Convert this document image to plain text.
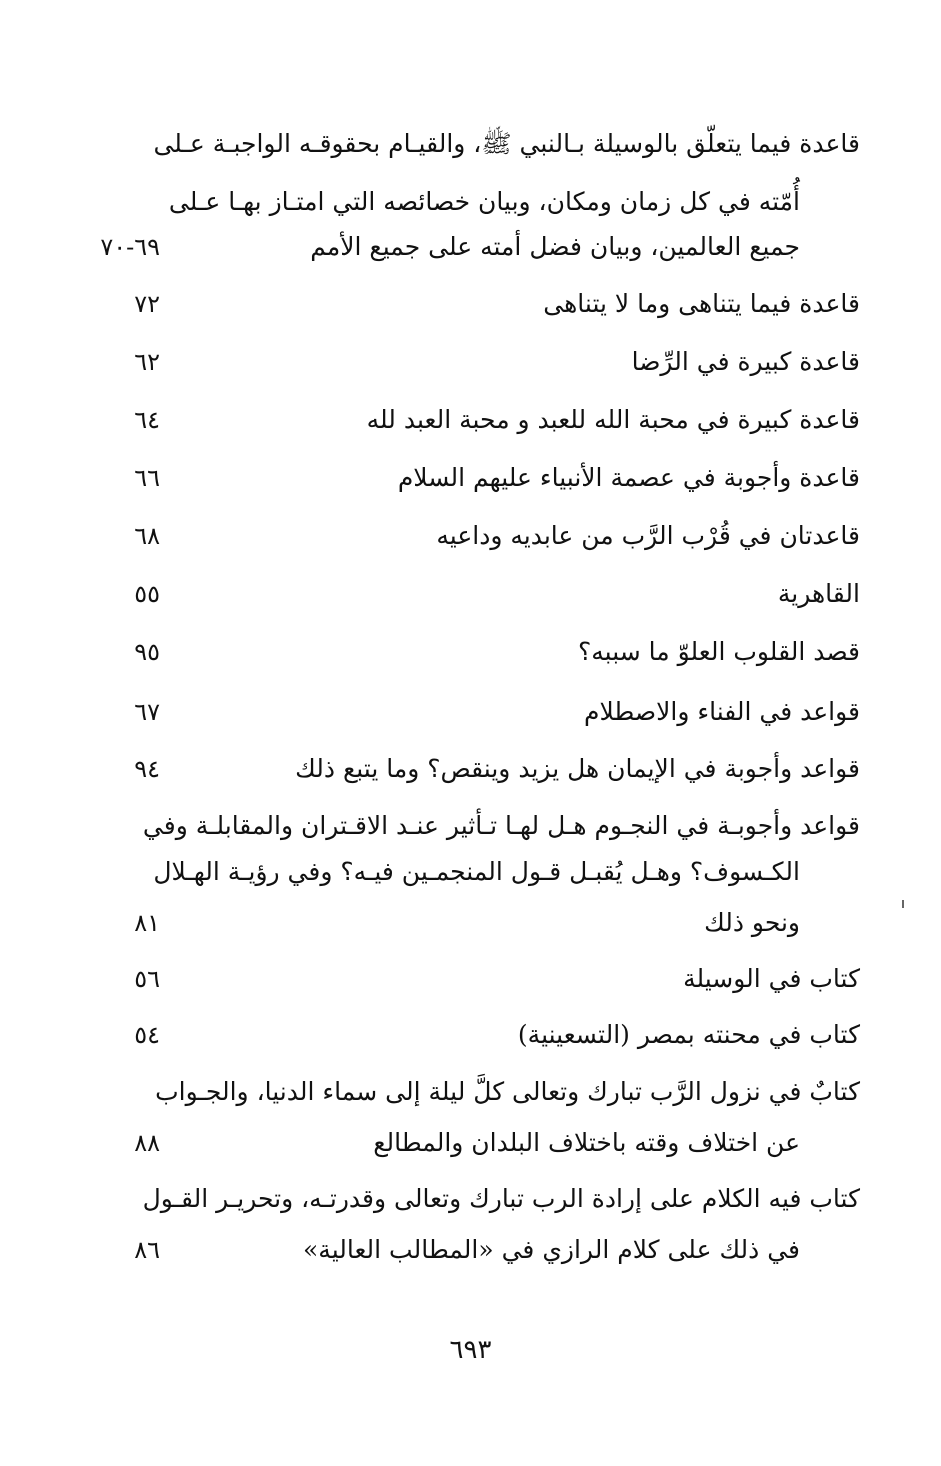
قاعدة فيما يتعلّق بالوسيلة بـالنبي ﷺ، والقيـام بحقوقـه الواجبـة عـلى
أُمّته في كل زمان ومكان، وبيان خصائصه التي امتـاز بهـا عـلى
جميع العالمين، وبيان فضل أمته على جميع الأمم
٦٩-٧٠
قاعدة فيما يتناهى وما لا يتناهى
٧٢
قاعدة كبيرة في الرِّضا
٦٢
قاعدة كبيرة في محبة الله للعبد و محبة العبد لله
٦٤
قاعدة وأجوبة في عصمة الأنبياء عليهم السلام
٦٦
قاعدتان في قُرْب الرَّب من عابديه وداعيه
٦٨
القاهرية
٥٥
قصد القلوب العلوّ ما سببه؟
٩٥
قواعد في الفناء والاصطلام
٦٧
قواعد وأجوبة في الإيمان هل يزيد وينقص؟ وما يتبع ذلك
٩٤
قواعد وأجوبـة في النجـوم هـل لهـا تـأثير عنـد الاقـتران والمقابلـة وفي
الكـسوف؟ وهـل يُقبـل قـول المنجمـين فيـه؟ وفي رؤيـة الهـلال
ونحو ذلك
٨١
كتاب في الوسيلة
٥٦
كتاب في محنته بمصر (التسعينية)
٥٤
كتابٌ في نزول الرَّب تبارك وتعالى كلَّ ليلة إلى سماء الدنيا، والجـواب
عن اختلاف وقته باختلاف البلدان والمطالع
٨٨
كتاب فيه الكلام على إرادة الرب تبارك وتعالى وقدرتـه، وتحريـر القـول
في ذلك على كلام الرازي في «المطالب العالية»
٨٦
٦٩٣
